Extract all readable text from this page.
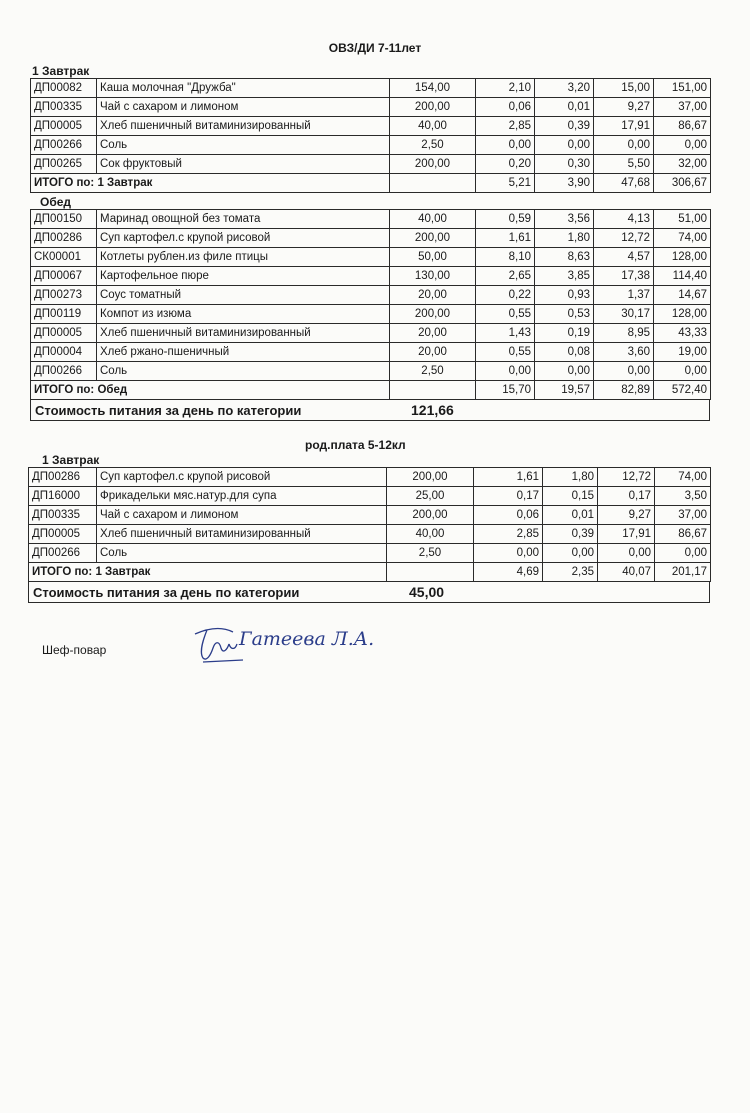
ОВЗ/ДИ 7-11лет
1 Завтрак
ДП00082	Каша молочная "Дружба"	154,00	2,10	3,20	15,00	151,00
ДП00335	Чай с сахаром и лимоном	200,00	0,06	0,01	9,27	37,00
ДП00005	Хлеб пшеничный витаминизированный	40,00	2,85	0,39	17,91	86,67
ДП00266	Соль	2,50	0,00	0,00	0,00	0,00
ДП00265	Сок фруктовый	200,00	0,20	0,30	5,50	32,00
ИТОГО по: 1 Завтрак			5,21	3,90	47,68	306,67
Обед
ДП00150	Маринад овощной без томата	40,00	0,59	3,56	4,13	51,00
ДП00286	Суп картофел.с крупой рисовой	200,00	1,61	1,80	12,72	74,00
СК00001	Котлеты рублен.из филе птицы	50,00	8,10	8,63	4,57	128,00
ДП00067	Картофельное пюре	130,00	2,65	3,85	17,38	114,40
ДП00273	Соус томатный	20,00	0,22	0,93	1,37	14,67
ДП00119	Компот из изюма	200,00	0,55	0,53	30,17	128,00
ДП00005	Хлеб пшеничный витаминизированный	20,00	1,43	0,19	8,95	43,33
ДП00004	Хлеб ржано-пшеничный	20,00	0,55	0,08	3,60	19,00
ДП00266	Соль	2,50	0,00	0,00	0,00	0,00
ИТОГО по: Обед			15,70	19,57	82,89	572,40
Стоимость питания за день по категории	121,66
род.плата 5-12кл
1 Завтрак
ДП00286	Суп картофел.с крупой рисовой	200,00	1,61	1,80	12,72	74,00
ДП16000	Фрикадельки мяс.натур.для супа	25,00	0,17	0,15	0,17	3,50
ДП00335	Чай с сахаром и лимоном	200,00	0,06	0,01	9,27	37,00
ДП00005	Хлеб пшеничный витаминизированный	40,00	2,85	0,39	17,91	86,67
ДП00266	Соль	2,50	0,00	0,00	0,00	0,00
ИТОГО по: 1 Завтрак			4,69	2,35	40,07	201,17
Стоимость питания за день по категории	45,00
Шеф-повар	Гатеева Л.А.
